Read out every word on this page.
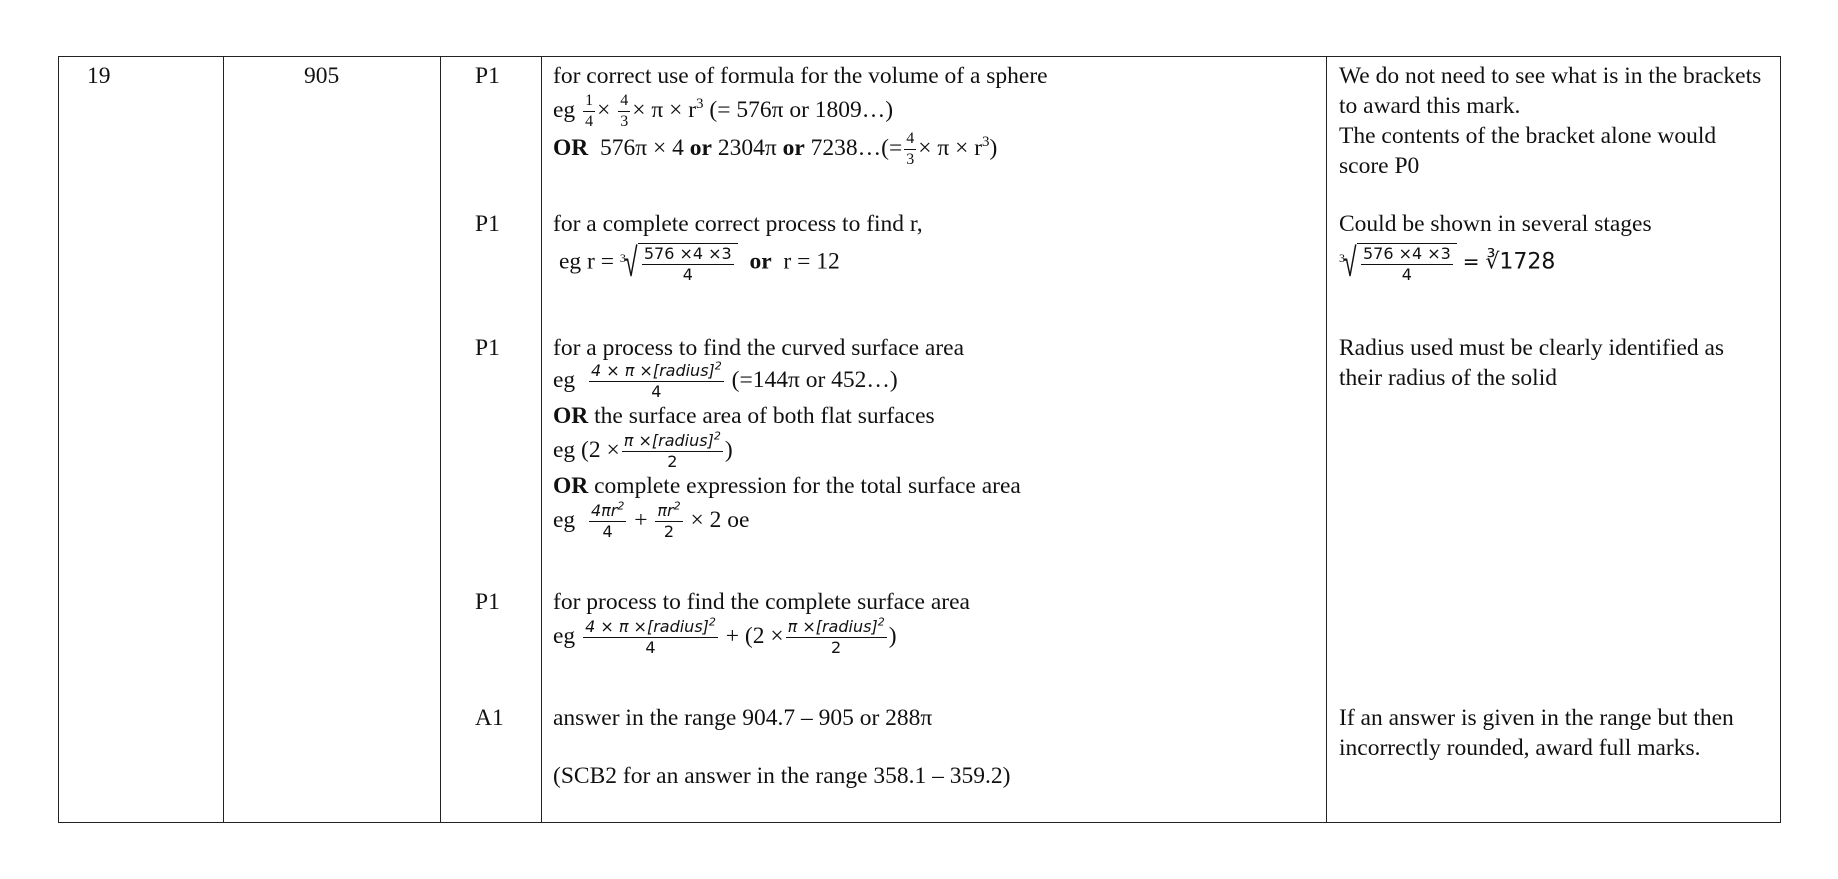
19	905	P1 for correct use of formula for the volume of a sphere
eg $\frac{1}{4} \times \frac{4}{3} \times \pi \times r^3$ (= 576π or 1809…)
OR 576π × 4 or 2304π or 7238…(= $\frac{4}{3} \times \pi \times r^3$)
We do not need to see what is in the brackets to award this mark.
The contents of the bracket alone would score P0
P1 for a complete correct process to find r,
eg r = 3
√ $\frac{576 \times 4 \times 3}{4}$ or r = 12
Could be shown in several stages
3
√ $\frac{576 \times 4 \times 3}{4}$ = ∛1728
P1 for a process to find the curved surface area
eg $\frac{4 \times \pi \times[radius]^2}{4} (=144\pi$ or 452…)
OR the surface area of both flat surfaces
eg ($2 \times \frac{\pi \times[radius]^2}{2}$ )
OR complete expression for the total surface area
eg $\frac{4\pi r^2}{4} + \frac{\pi r^2}{2} \times 2$ oe
Radius used must be clearly identified as their radius of the solid
P1 for process to find the complete surface area
eg $\frac{4 \times \pi \times[radius]^2}{4} + (2 \times \frac{\pi \times[radius]^2}{2}$ )
A1 answer in the range 904.7 – 905 or 288π
(SCB2 for an answer in the range 358.1 – 359.2)
If an answer is given in the range but then incorrectly rounded, award full marks.
